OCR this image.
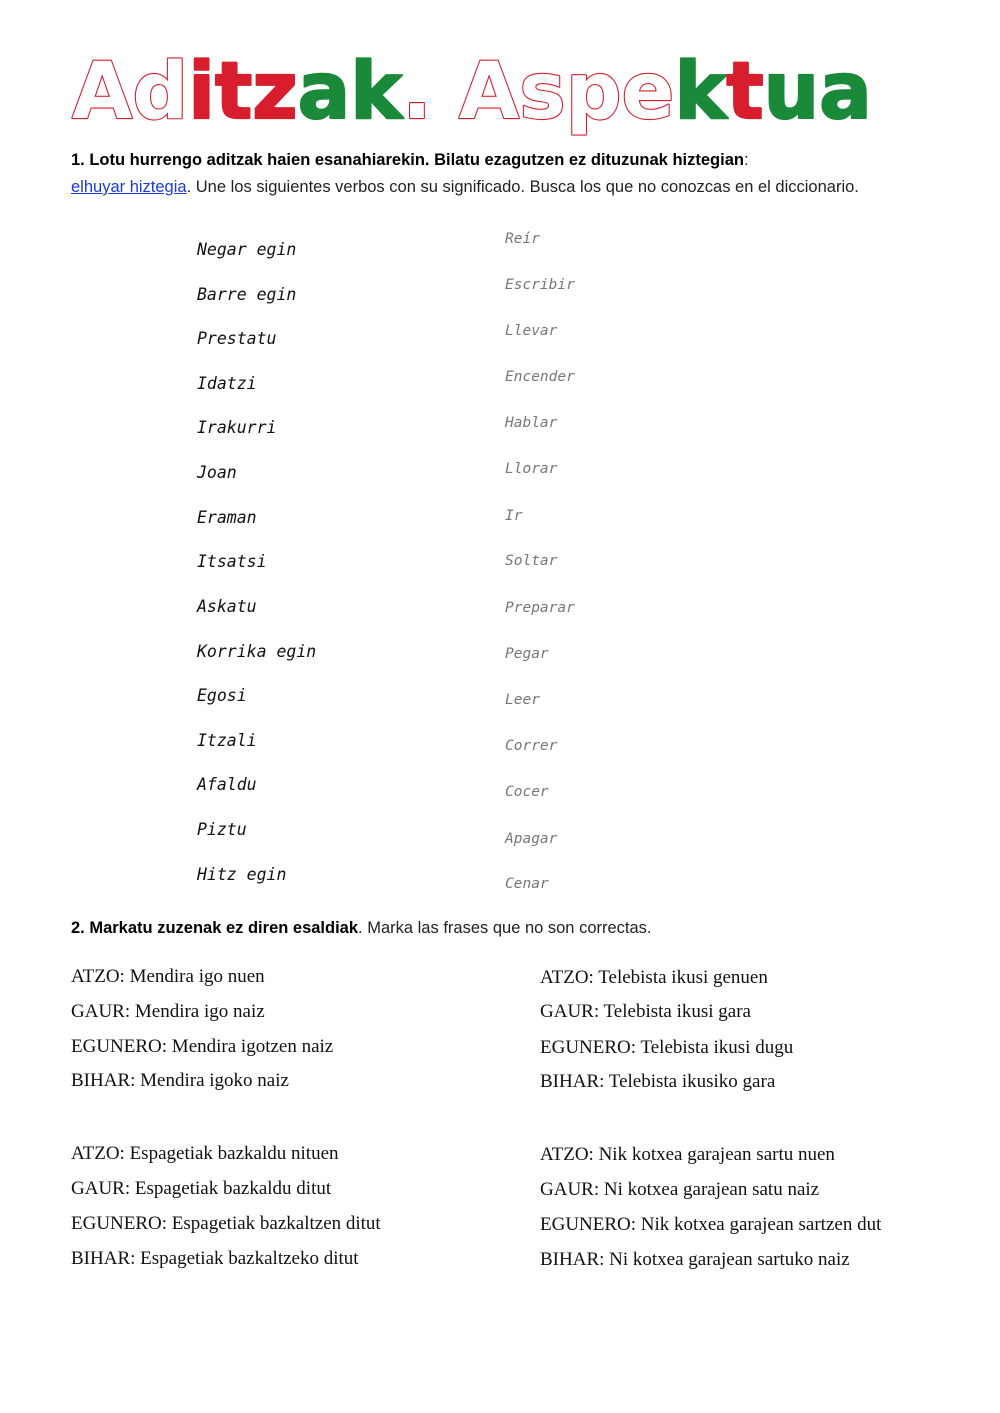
Aditzak. Aspektua
1. Lotu hurrengo aditzak haien esanahiarekin. Bilatu ezagutzen ez dituzunak hiztegian:
elhuyar hiztegia. Une los siguientes verbos con su significado. Busca los que no conozcas en el diccionario.
Negar egin
Barre egin
Prestatu
Idatzi
Irakurri
Joan
Eraman
Itsatsi
Askatu
Korrika egin
Egosi
Itzali
Afaldu
Piztu
Hitz egin
Reír
Escribir
Llevar
Encender
Hablar
Llorar
Ir
Soltar
Preparar
Pegar
Leer
Correr
Cocer
Apagar
Cenar
2. Markatu zuzenak ez diren esaldiak. Marka las frases que no son correctas.
ATZO: Mendira igo nuen
GAUR: Mendira igo naiz
EGUNERO: Mendira igotzen naiz
BIHAR: Mendira igoko naiz
ATZO: Telebista ikusi genuen
GAUR: Telebista ikusi gara
EGUNERO: Telebista ikusi dugu
BIHAR: Telebista ikusiko gara
ATZO: Espagetiak bazkaldu nituen
GAUR: Espagetiak bazkaldu ditut
EGUNERO: Espagetiak bazkaltzen ditut
BIHAR: Espagetiak bazkaltzeko ditut
ATZO: Nik kotxea garajean sartu nuen
GAUR: Ni kotxea garajean satu naiz
EGUNERO: Nik kotxea garajean sartzen dut
BIHAR: Ni kotxea garajean sartuko naiz
